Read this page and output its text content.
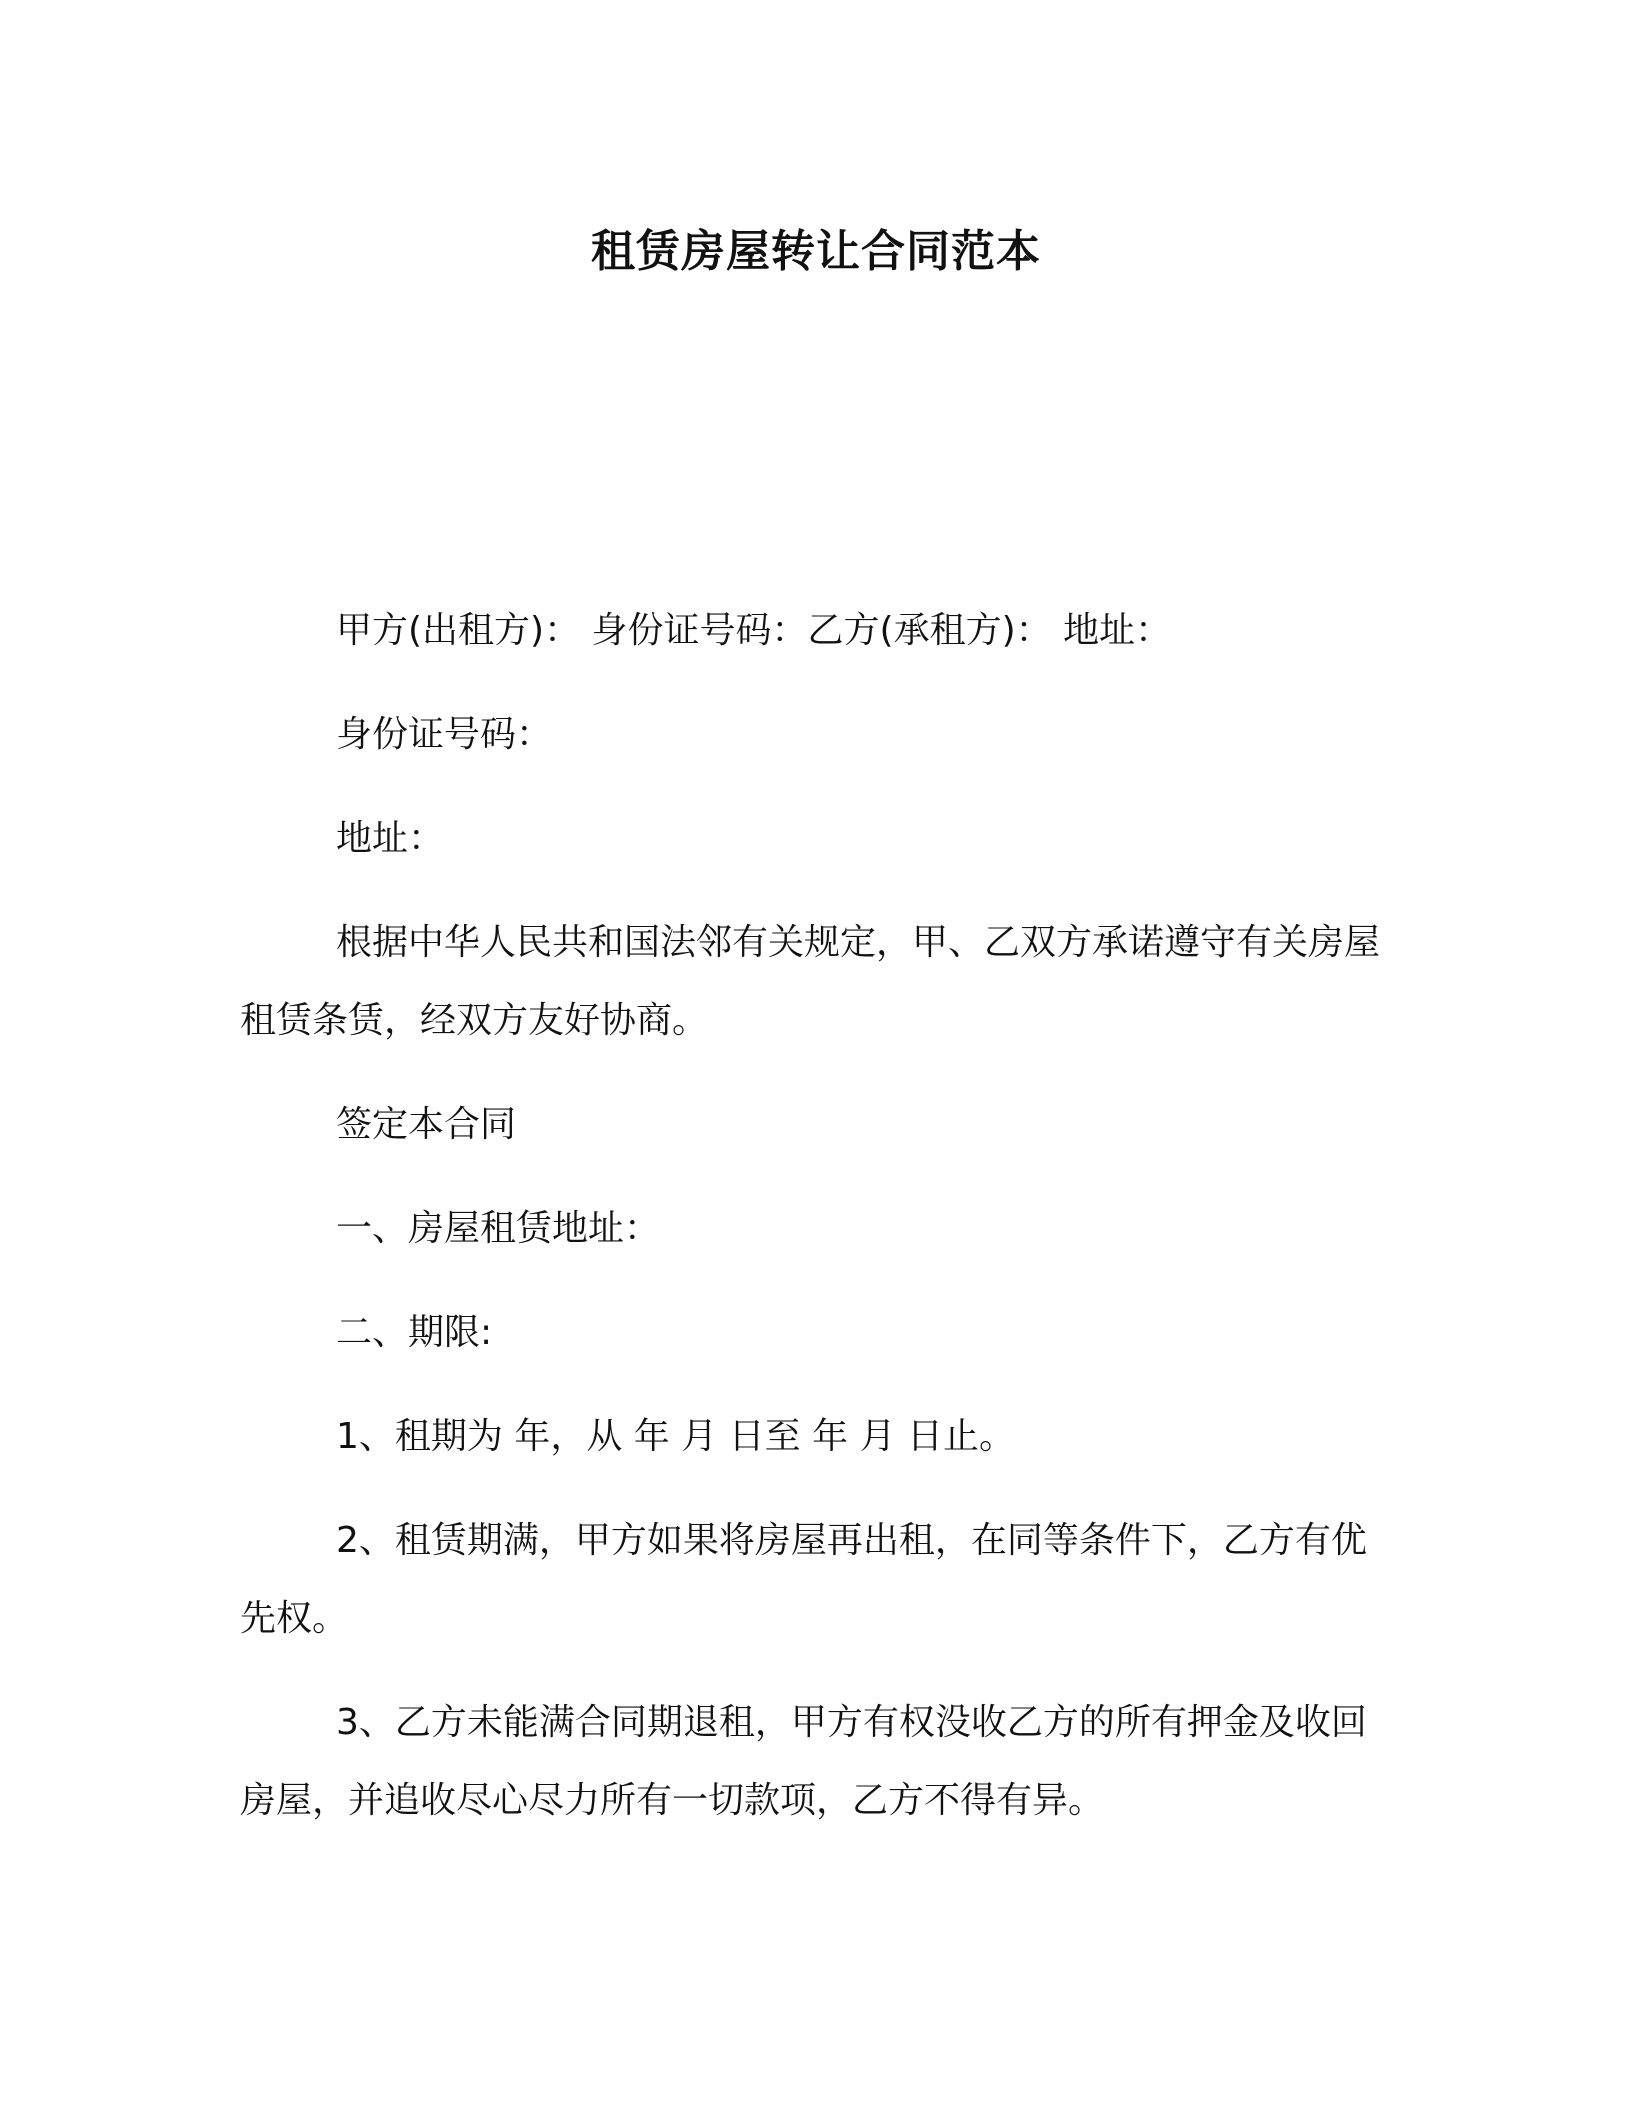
租赁房屋转让合同范本

甲方(出租方)： 身份证号码：乙方(承租方)： 地址：

身份证号码：

地址：

根据中华人民共和国法邻有关规定，甲、乙双方承诺遵守有关房屋租赁条赁，经双方友好协商。

签定本合同

一、房屋租赁地址：

二、期限:

1、租期为 年，从 年 月 日至 年 月 日止。

2、租赁期满，甲方如果将房屋再出租，在同等条件下，乙方有优先权。

3、乙方未能满合同期退租，甲方有权没收乙方的所有押金及收回房屋，并追收尽心尽力所有一切款项，乙方不得有异。
